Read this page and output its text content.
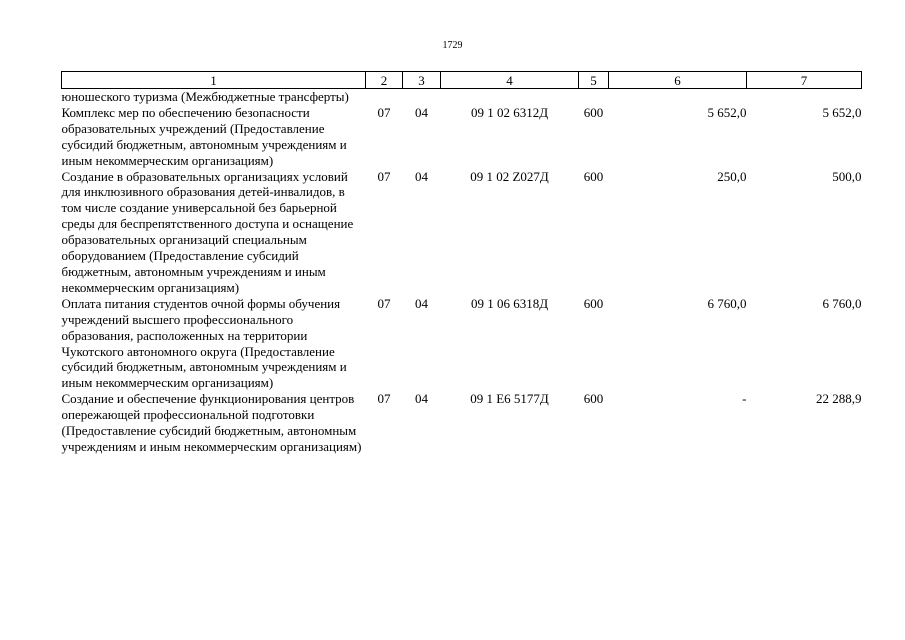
1729
1	2	3	4	5	6	7
юношеского туризма (Межбюджетные трансферты)						
Комплекс мер по обеспечению безопасности образовательных учреждений (Предоставление субсидий бюджетным, автономным учреждениям и иным некоммерческим организациям)	07	04	09 1 02 6312Д	600	5 652,0	5 652,0
Создание в образовательных организациях условий для инклюзивного образования детей-инвалидов, в том числе создание универсальной без барьерной среды для беспрепятственного доступа и оснащение образовательных организаций специальным оборудованием (Предоставление субсидий бюджетным, автономным учреждениям и иным некоммерческим организациям)	07	04	09 1 02 Z027Д	600	250,0	500,0
Оплата питания студентов очной формы обучения учреждений высшего профессионального образования, расположенных на территории Чукотского автономного округа (Предоставление субсидий бюджетным, автономным учреждениям и иным некоммерческим организациям)	07	04	09 1 06 6318Д	600	6 760,0	6 760,0
Создание и обеспечение функционирования центров опережающей профессиональной подготовки (Предоставление субсидий бюджетным, автономным учреждениям и иным некоммерческим организациям)	07	04	09 1 E6 5177Д	600	-	22 288,9
